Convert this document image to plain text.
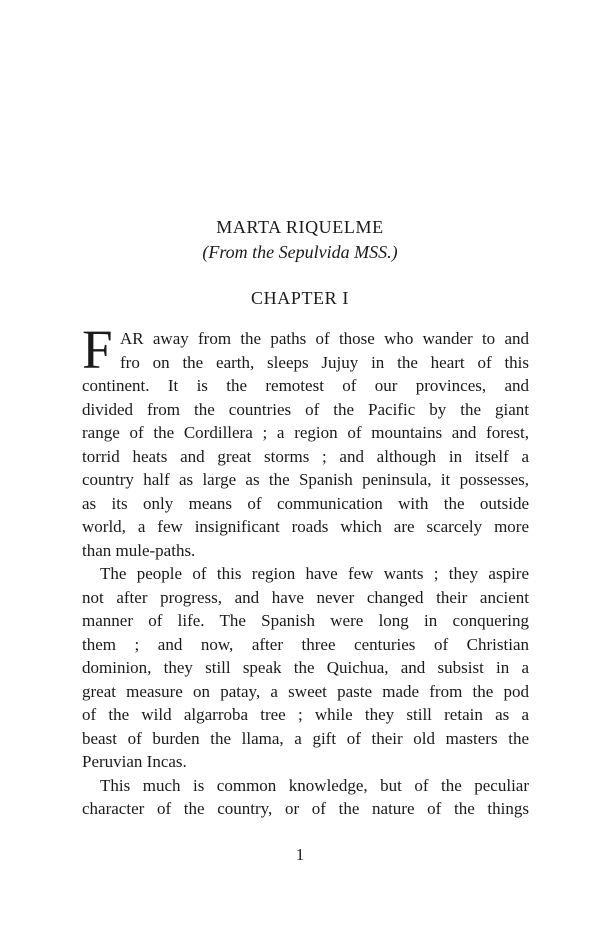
MARTA RIQUELME
(From the Sepulvida MSS.)
CHAPTER I
F AR away from the paths of those who wander to and
fro on the earth, sleeps Jujuy in the heart of this
continent. It is the remotest of our provinces, and
divided from the countries of the Pacific by the giant
range of the Cordillera ; a region of mountains and forest,
torrid heats and great storms ; and although in itself a
country half as large as the Spanish peninsula, it possesses,
as its only means of communication with the outside
world, a few insignificant roads which are scarcely more
than mule-paths.
The people of this region have few wants ; they aspire
not after progress, and have never changed their ancient
manner of life. The Spanish were long in conquering
them ; and now, after three centuries of Christian
dominion, they still speak the Quichua, and subsist in a
great measure on patay, a sweet paste made from the pod
of the wild algarroba tree ; while they still retain as a
beast of burden the llama, a gift of their old masters the
Peruvian Incas.
This much is common knowledge, but of the peculiar
character of the country, or of the nature of the things
1
